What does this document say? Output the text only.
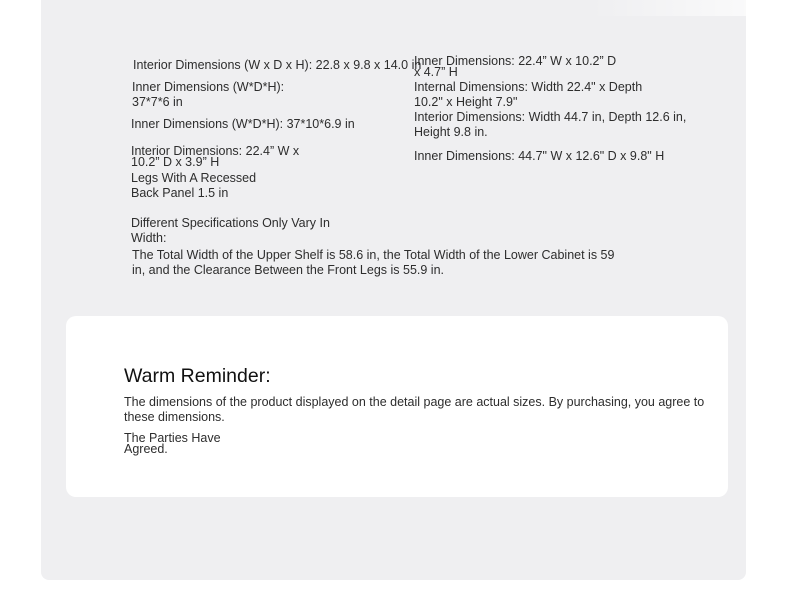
Interior Dimensions (W x D x H): 22.8 x 9.8 x 14.0 in
Inner Dimensions (W*D*H): 37*7*6 in
Inner Dimensions (W*D*H): 37*10*6.9 in
Interior Dimensions: 22.4” W x 10.2” D x 3.9” H
Legs With A Recessed Back Panel 1.5 in
Different Specifications Only Vary In Width:
The Total Width of the Upper Shelf is 58.6 in, the Total Width of the Lower Cabinet is 59 in, and the Clearance Between the Front Legs is 55.9 in.
Inner Dimensions: 22.4” W x 10.2” D x 4.7” H
Internal Dimensions: Width 22.4" x Depth 10.2" x Height 7.9"
Interior Dimensions: Width 44.7 in, Depth 12.6 in, Height 9.8 in.
Inner Dimensions: 44.7" W x 12.6" D x 9.8" H
Warm Reminder:
The dimensions of the product displayed on the detail page are actual sizes. By purchasing, you agree to these dimensions.
The Parties Have Agreed.
